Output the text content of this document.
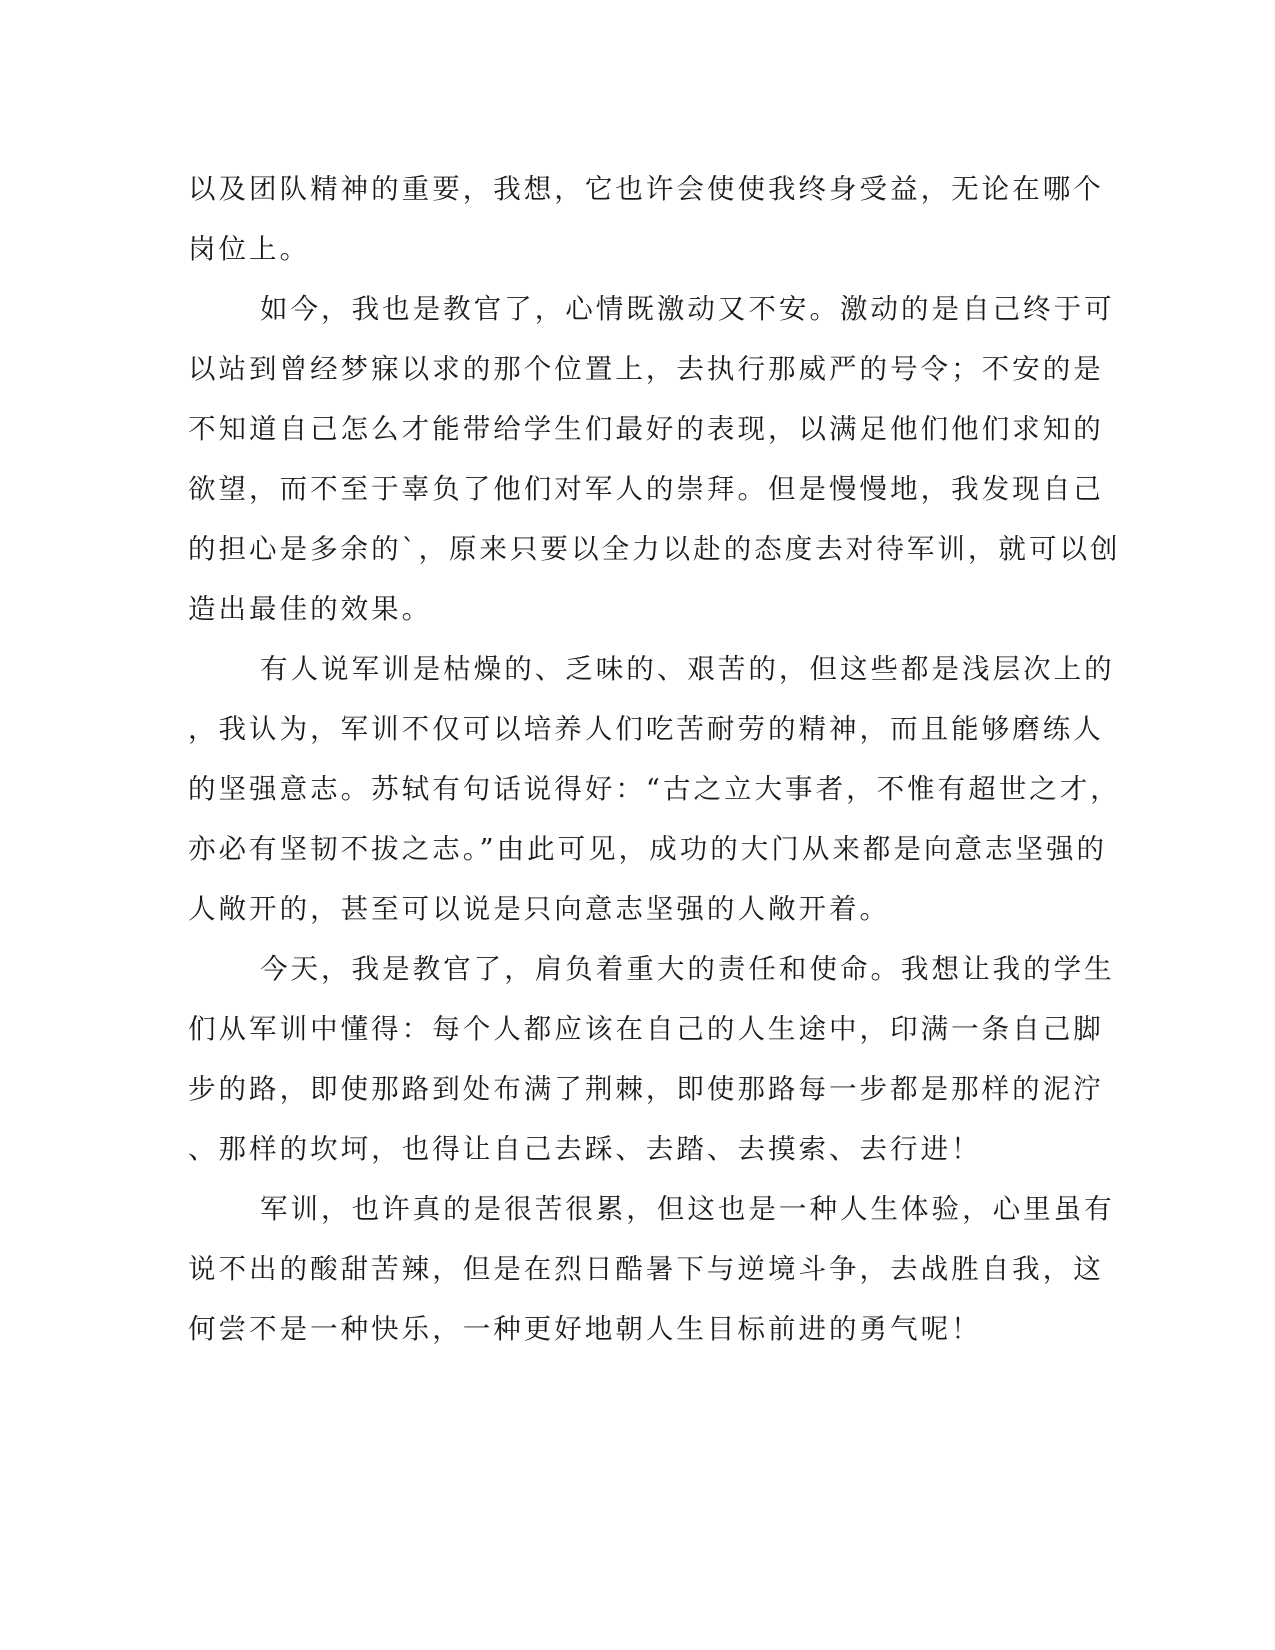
以及团队精神的重要，我想，它也许会使使我终身受益，无论在哪个
岗位上。
如今，我也是教官了，心情既激动又不安。激动的是自己终于可
以站到曾经梦寐以求的那个位置上，去执行那威严的号令；不安的是
不知道自己怎么才能带给学生们最好的表现，以满足他们他们求知的
欲望，而不至于辜负了他们对军人的崇拜。但是慢慢地，我发现自己
的担心是多余的`，原来只要以全力以赴的态度去对待军训，就可以创
造出最佳的效果。
有人说军训是枯燥的、乏味的、艰苦的，但这些都是浅层次上的
，我认为，军训不仅可以培养人们吃苦耐劳的精神，而且能够磨练人
的坚强意志。苏轼有句话说得好：“古之立大事者，不惟有超世之才，
亦必有坚韧不拔之志。”由此可见，成功的大门从来都是向意志坚强的
人敞开的，甚至可以说是只向意志坚强的人敞开着。
今天，我是教官了，肩负着重大的责任和使命。我想让我的学生
们从军训中懂得：每个人都应该在自己的人生途中，印满一条自己脚
步的路，即使那路到处布满了荆棘，即使那路每一步都是那样的泥泞
、那样的坎坷，也得让自己去踩、去踏、去摸索、去行进！
军训，也许真的是很苦很累，但这也是一种人生体验，心里虽有
说不出的酸甜苦辣，但是在烈日酷暑下与逆境斗争，去战胜自我，这
何尝不是一种快乐，一种更好地朝人生目标前进的勇气呢！
